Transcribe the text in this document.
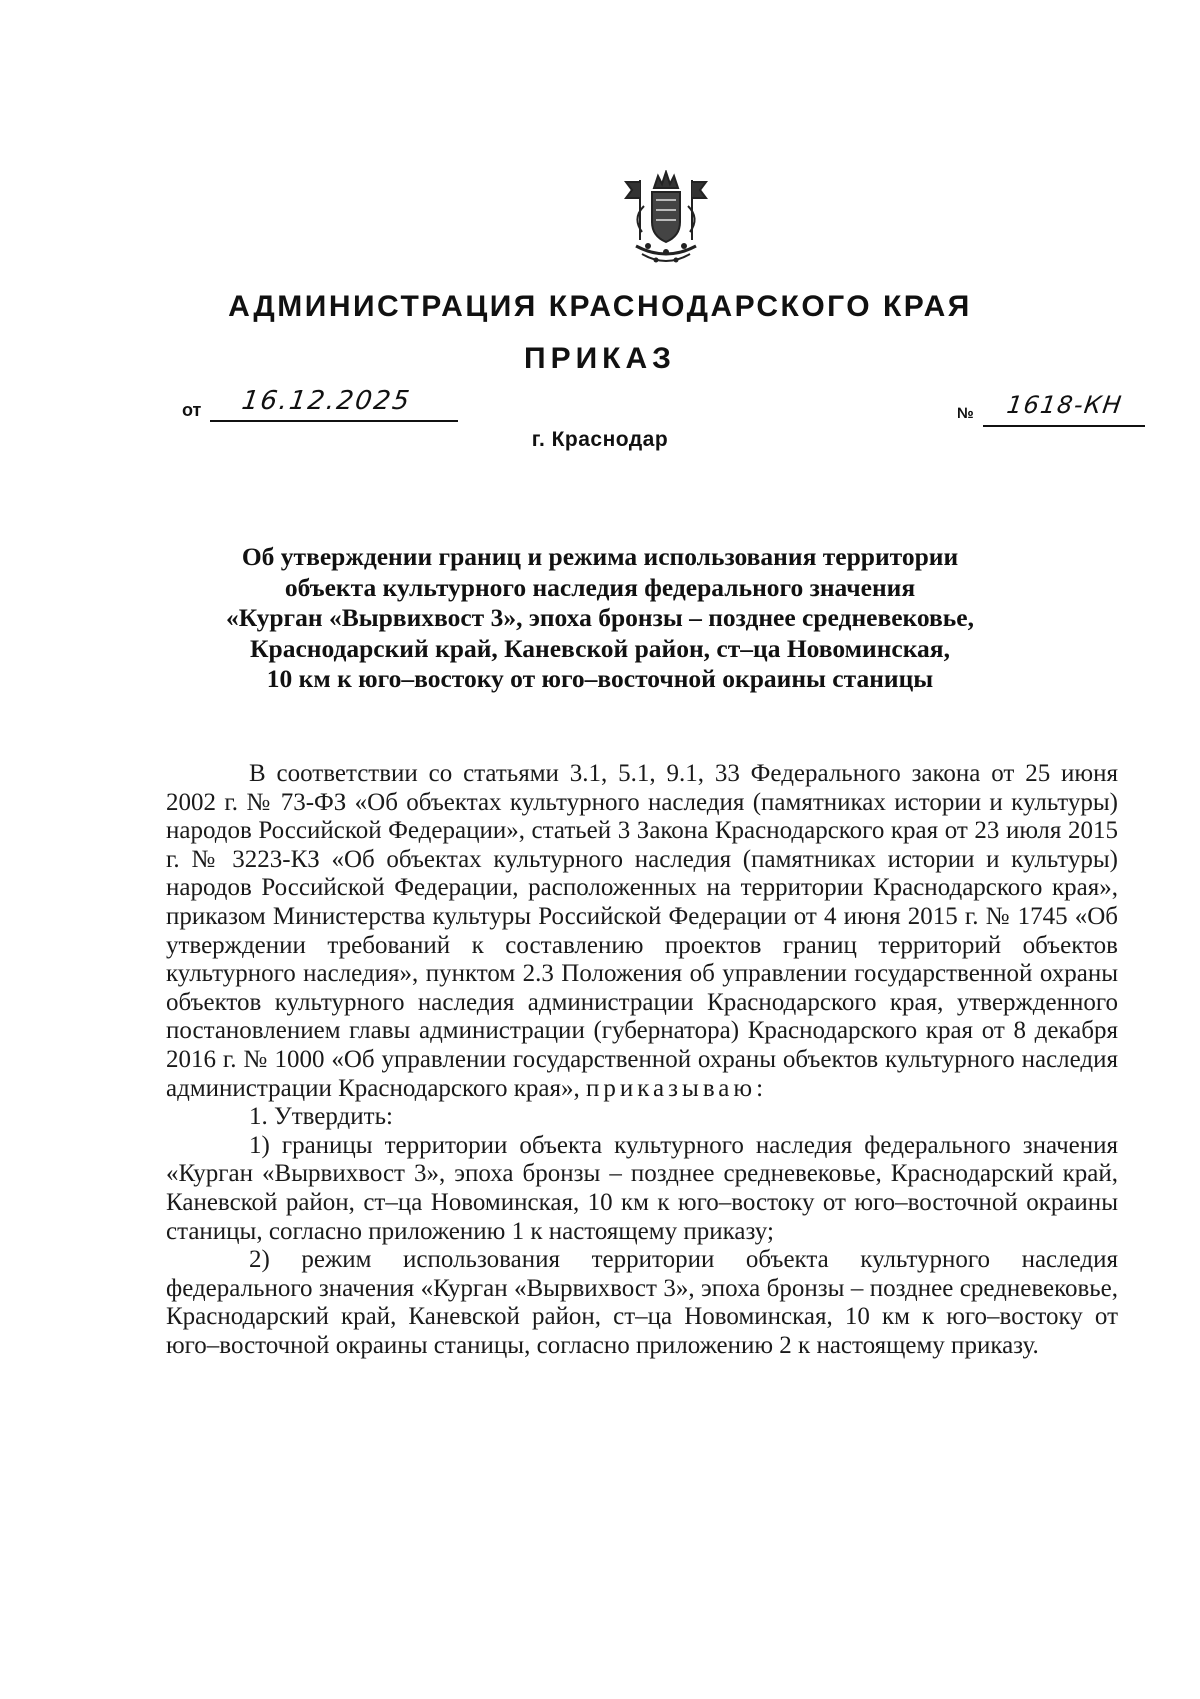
АДМИНИСТРАЦИЯ КРАСНОДАРСКОГО КРАЯ
ПРИКАЗ
от 16.12.2025
г. Краснодар
№ 1618-КН
Об утверждении границ и режима использования территории
объекта культурного наследия федерального значения
«Курган «Вырвихвост 3», эпоха бронзы – позднее средневековье,
Краснодарский край, Каневской район, ст–ца Новоминская,
10 км к юго–востоку от юго–восточной окраины станицы
В соответствии со статьями 3.1, 5.1, 9.1, 33 Федерального закона от 25 июня 2002 г. № 73-ФЗ «Об объектах культурного наследия (памятниках истории и культуры) народов Российской Федерации», статьей 3 Закона Краснодарского края от 23 июля 2015 г. № 3223-КЗ «Об объектах культурного наследия (памятниках истории и культуры) народов Российской Федерации, расположенных на территории Краснодарского края», приказом Министерства культуры Российской Федерации от 4 июня 2015 г. № 1745 «Об утверждении требований к составлению проектов границ территорий объектов культурного наследия», пунктом 2.3 Положения об управлении государственной охраны объектов культурного наследия администрации Краснодарского края, утвержденного постановлением главы администрации (губернатора) Краснодарского края от 8 декабря 2016 г. № 1000 «Об управлении государственной охраны объектов культурного наследия администрации Краснодарского края», приказываю:
1. Утвердить:
1) границы территории объекта культурного наследия федерального значения «Курган «Вырвихвост 3», эпоха бронзы – позднее средневековье, Краснодарский край, Каневской район, ст–ца Новоминская, 10 км к юго–востоку от юго–восточной окраины станицы, согласно приложению 1 к настоящему приказу;
2) режим использования территории объекта культурного наследия федерального значения «Курган «Вырвихвост 3», эпоха бронзы – позднее средневековье, Краснодарский край, Каневской район, ст–ца Новоминская, 10 км к юго–востоку от юго–восточной окраины станицы, согласно приложению 2 к настоящему приказу.
